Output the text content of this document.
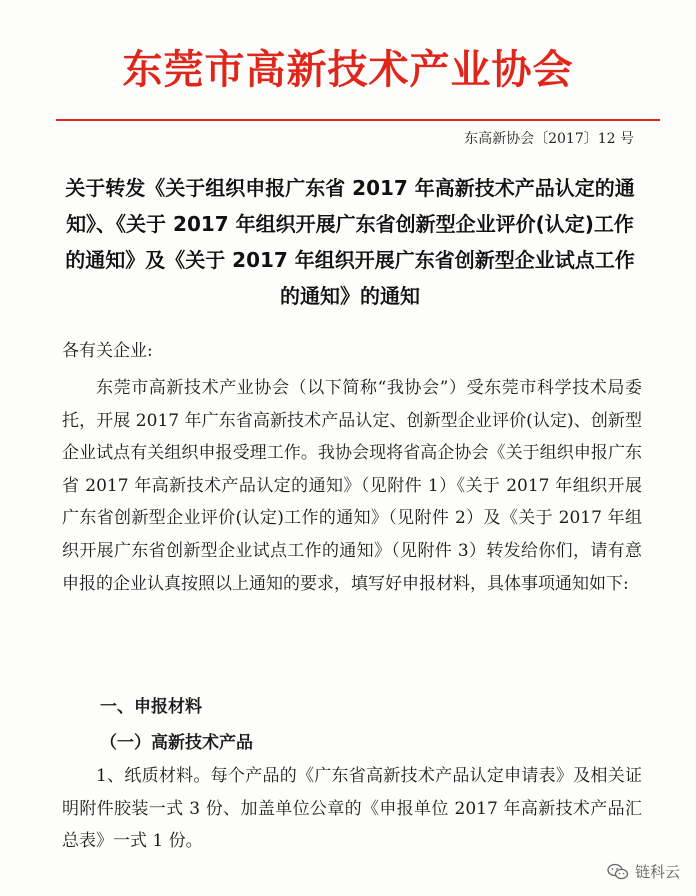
东莞市高新技术产业协会
东高新协会〔2017〕12 号
关于转发《关于组织申报广东省 2017 年高新技术产品认定的通知》、《关于 2017 年组织开展广东省创新型企业评价(认定)工作的通知》及《关于 2017 年组织开展广东省创新型企业试点工作的通知》的通知
各有关企业:

东莞市高新技术产业协会（以下简称“我协会”）受东莞市科学技术局委托，开展 2017 年广东省高新技术产品认定、创新型企业评价(认定)、创新型企业试点有关组织申报受理工作。我协会现将省高企协会《关于组织申报广东省 2017 年高新技术产品认定的通知》（见附件 1）《关于 2017 年组织开展广东省创新型企业评价(认定)工作的通知》（见附件 2）及《关于 2017 年组织开展广东省创新型企业试点工作的通知》（见附件 3）转发给你们，请有意申报的企业认真按照以上通知的要求，填写好申报材料，具体事项通知如下:

一、申报材料
（一）高新技术产品

1、纸质材料。每个产品的《广东省高新技术产品认定申请表》及相关证明附件胶装一式 3 份、加盖单位公章的《申报单位 2017 年高新技术产品汇总表》一式 1 份。

链科云
